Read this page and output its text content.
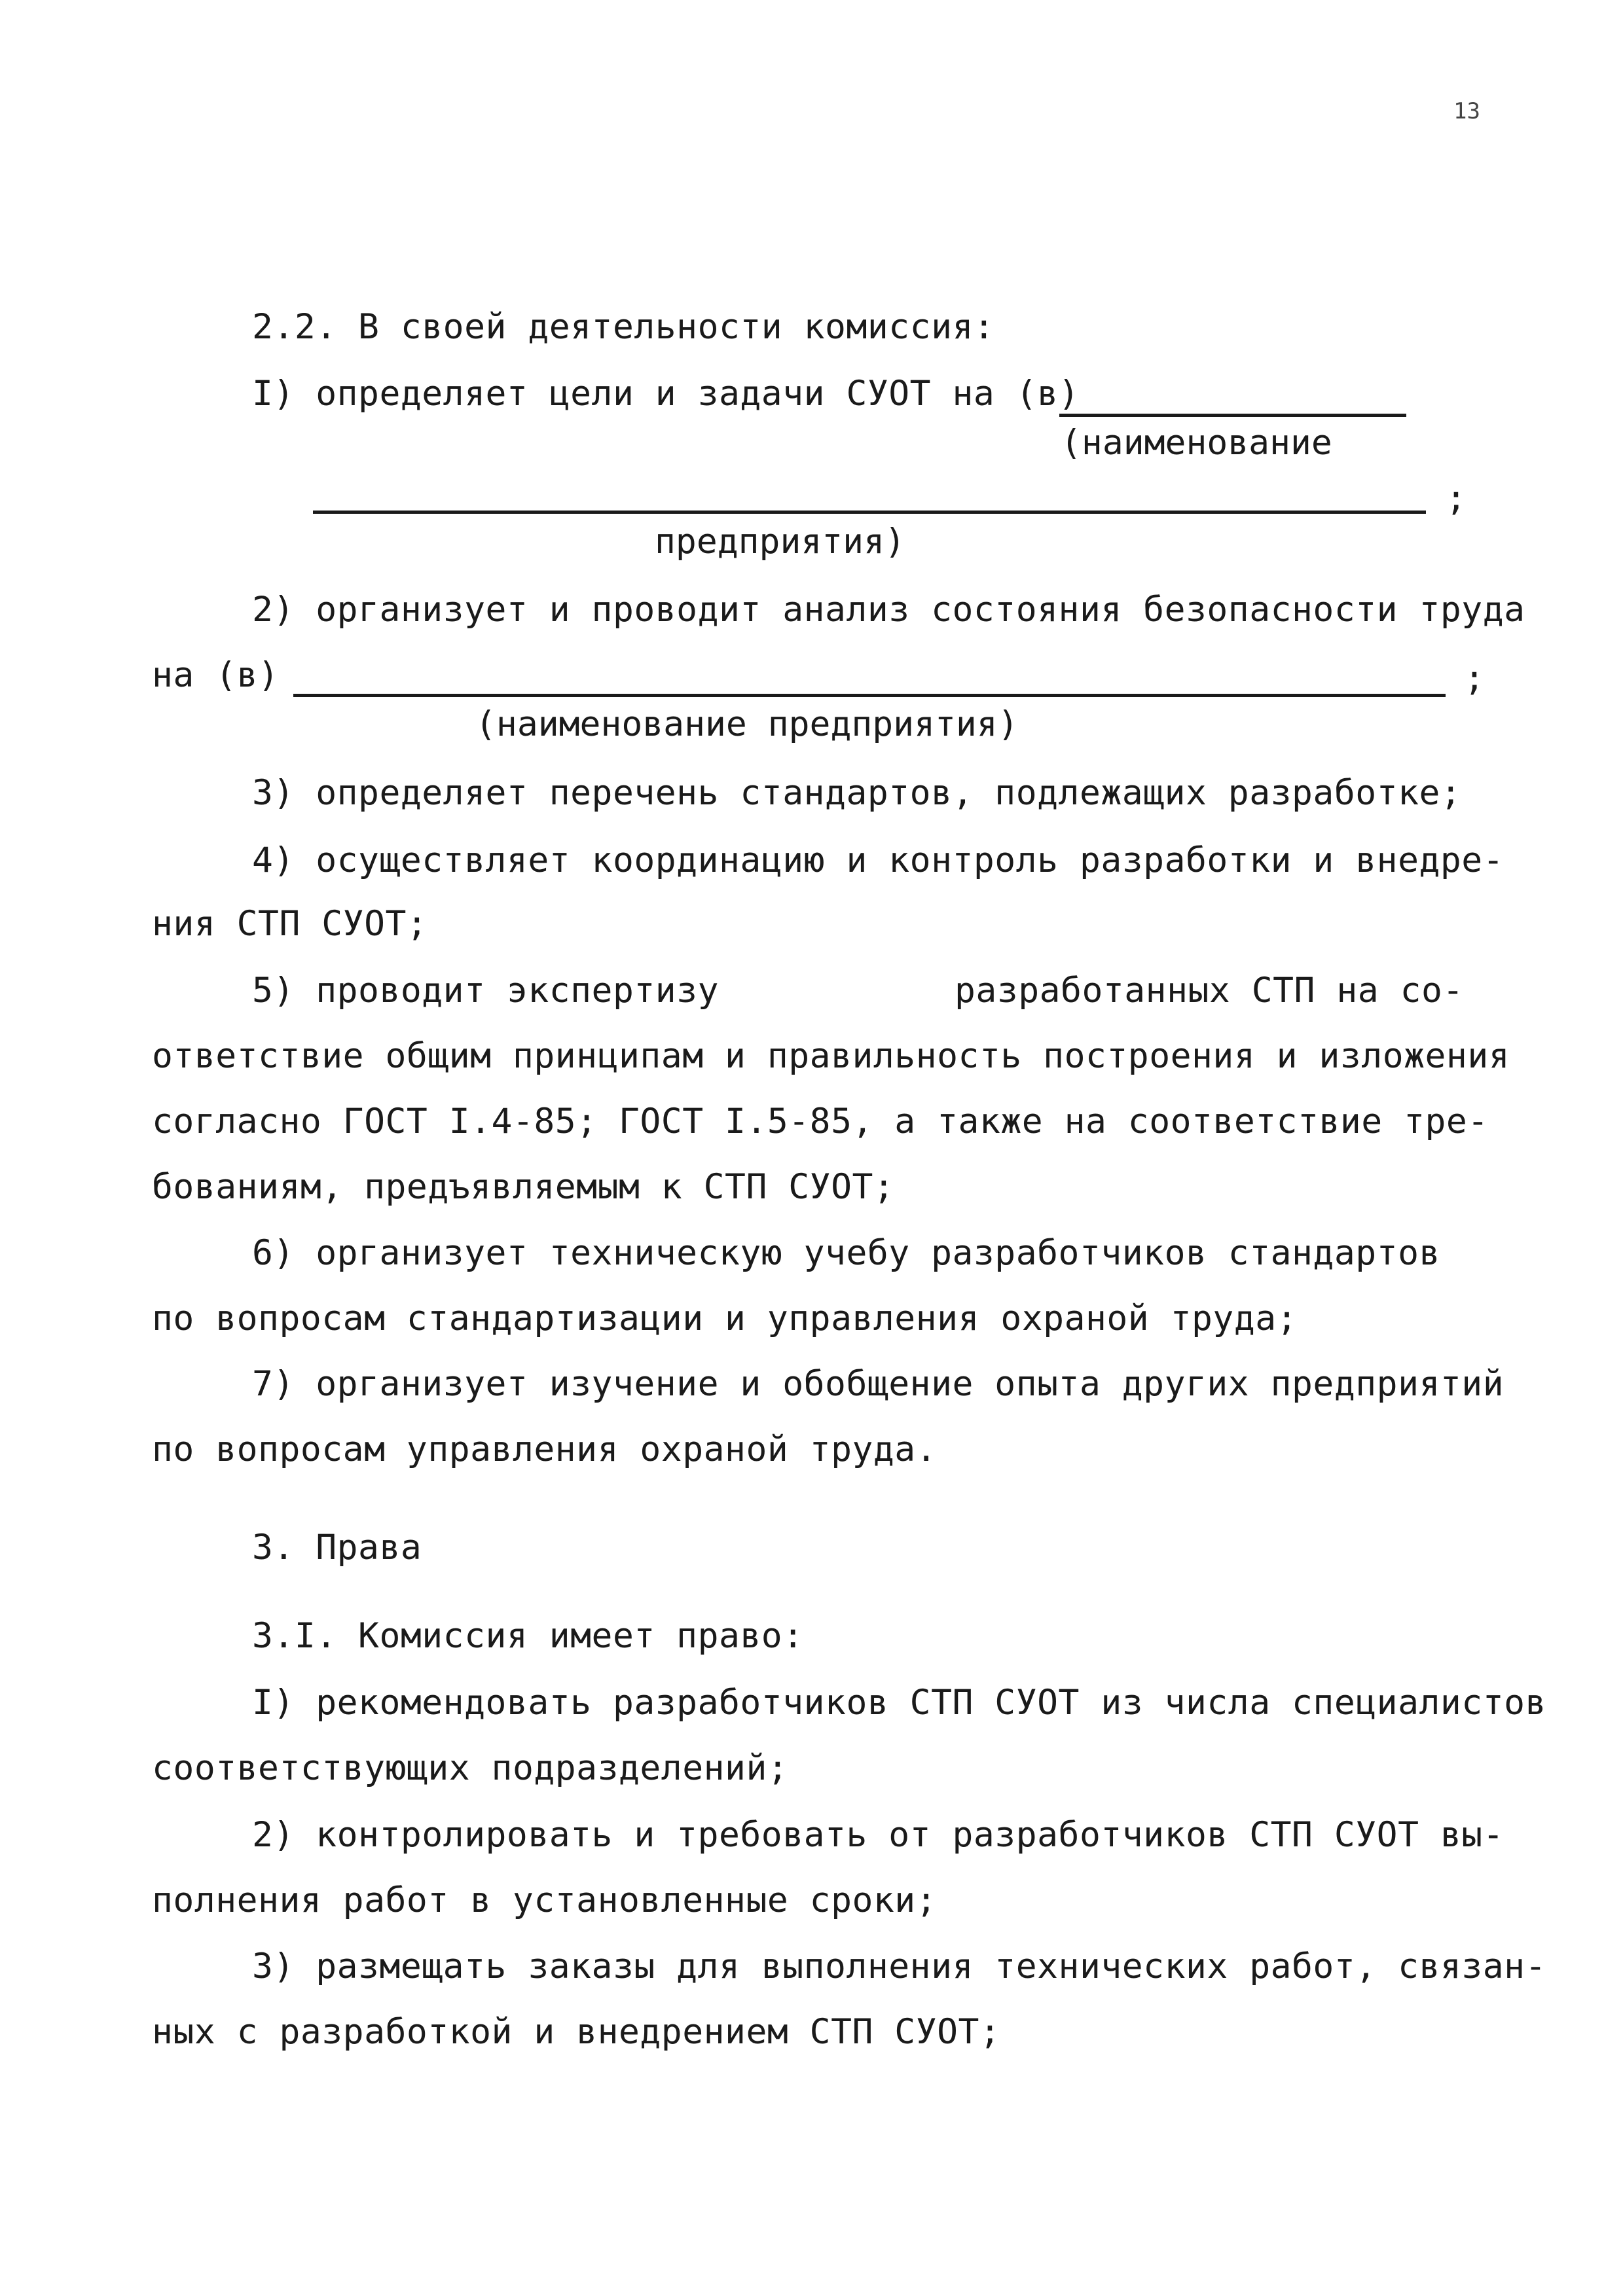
13
2.2. В своей деятельности комиссия:
I) определяет цели и задачи СУОТ на (в)
(наименование
;
предприятия)
2) организует и проводит анализ состояния безопасности труда
на (в)	;
(наименование предприятия)
3) определяет перечень стандартов, подлежащих разработке;
4) осуществляет координацию и контроль разработки и внедре-
ния СТП СУОТ;
5) проводит экспертизу	разработанных СТП на со-
ответствие общим принципам и правильность построения и изложения
согласно ГОСТ I.4-85; ГОСТ I.5-85, а также на соответствие тре-
бованиям, предъявляемым к СТП СУОТ;
6) организует техническую учебу разработчиков стандартов
по вопросам стандартизации и управления охраной труда;
7) организует изучение и обобщение опыта других предприятий
по вопросам управления охраной труда.
3. Права
3.I. Комиссия имеет право:
I) рекомендовать разработчиков СТП СУОТ из числа специалистов
соответствующих подразделений;
2) контролировать и требовать от разработчиков СТП СУОТ вы-
полнения работ в установленные сроки;
3) размещать заказы для выполнения технических работ, связан-
ных с разработкой и внедрением СТП СУОТ;
